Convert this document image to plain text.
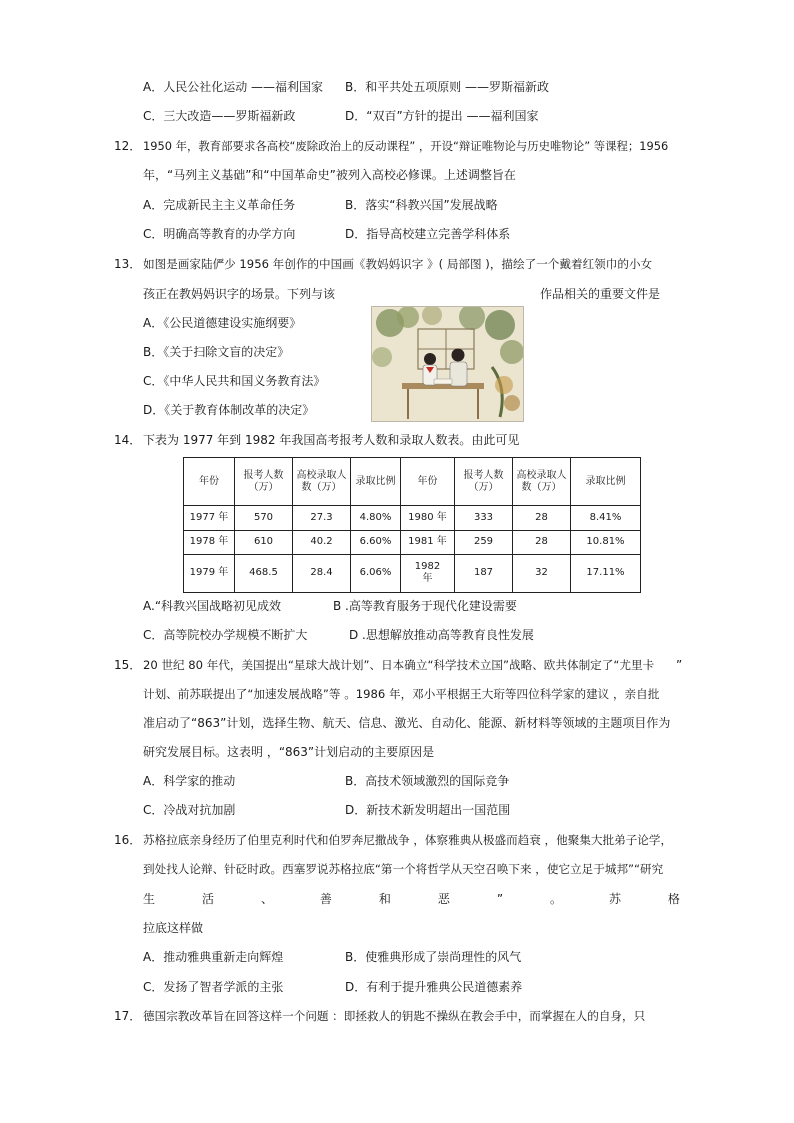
A．人民公社化运动 ——福利国家 B．和平共处五项原则 ——罗斯福新政
C．三大改造——罗斯福新政	D．“双百”方针的提出 ——福利国家
12． 1950 年，教育部要求各高校“废除政治上的反动课程” ，开设“辩证唯物论与历史唯物论” 等课程；1956
年，“马列主义基础”和“中国革命史”被列入高校必修课。上述调整旨在
A．完成新民主主义革命任务	B．落实“科教兴国”发展战略
C．明确高等教育的办学方向	D．指导高校建立完善学科体系
13． 如图是画家陆俨少 1956 年创作的中国画《教妈妈识字 》( 局部图 )，描绘了一个戴着红领巾的小女
孩正在教妈妈识字的场景。下列与该	作品相关的重要文件是
A．《公民道德建设实施纲要》
B．《关于扫除文盲的决定》
C．《中华人民共和国义务教育法》
D．《关于教育体制改革的决定》
14． 下表为 1977 年到 1982 年我国高考报考人数和录取人数表。由此可见
年份	报考人数（万）	高校录取人数（万）	录取比例	年份	报考人数（万）	高校录取人数（万）	录取比例
1977 年	570	27.3	4.80%	1980 年	333	28	8.41%
1978 年	610	40.2	6.60%	1981 年	259	28	10.81%
1979 年	468.5	28.4	6.06%	1982 年	187	32	17.11%
A.“科教兴国战略初见成效	B .高等教育服务于现代化建设需要
C．高等院校办学规模不断扩大	D .思想解放推动高等教育良性发展
15． 20 世纪 80 年代，美国提出“星球大战计划”、日本确立“科学技术立国”战略、欧共体制定了“尤里卡 ”
计划、前苏联提出了“加速发展战略”等 。1986 年，邓小平根据王大珩等四位科学家的建议 ，亲自批
准启动了“863”计划，选择生物、航天、信息、激光、自动化、能源、新材料等领域的主题项目作为
研究发展目标。这表明 ，“863”计划启动的主要原因是
A．科学家的推动	B．高技术领域激烈的国际竞争
C．冷战对抗加剧	D．新技术新发明超出一国范围
16． 苏格拉底亲身经历了伯里克利时代和伯罗奔尼撒战争 ，体察雅典从极盛而趋衰 ，他聚集大批弟子论学，
到处找人论辩、针砭时政。西塞罗说苏格拉底“第一个将哲学从天空召唤下来 ，使它立足于城邦”“研究
生	活	、	善	和	恶	”	。	苏	格
拉底这样做
A．推动雅典重新走向辉煌	B．使雅典形成了崇尚理性的风气
C．发扬了智者学派的主张	D．有利于提升雅典公民道德素养
17． 德国宗教改革旨在回答这样一个问题 ：即拯救人的钥匙不操纵在教会手中，而掌握在人的自身，只
